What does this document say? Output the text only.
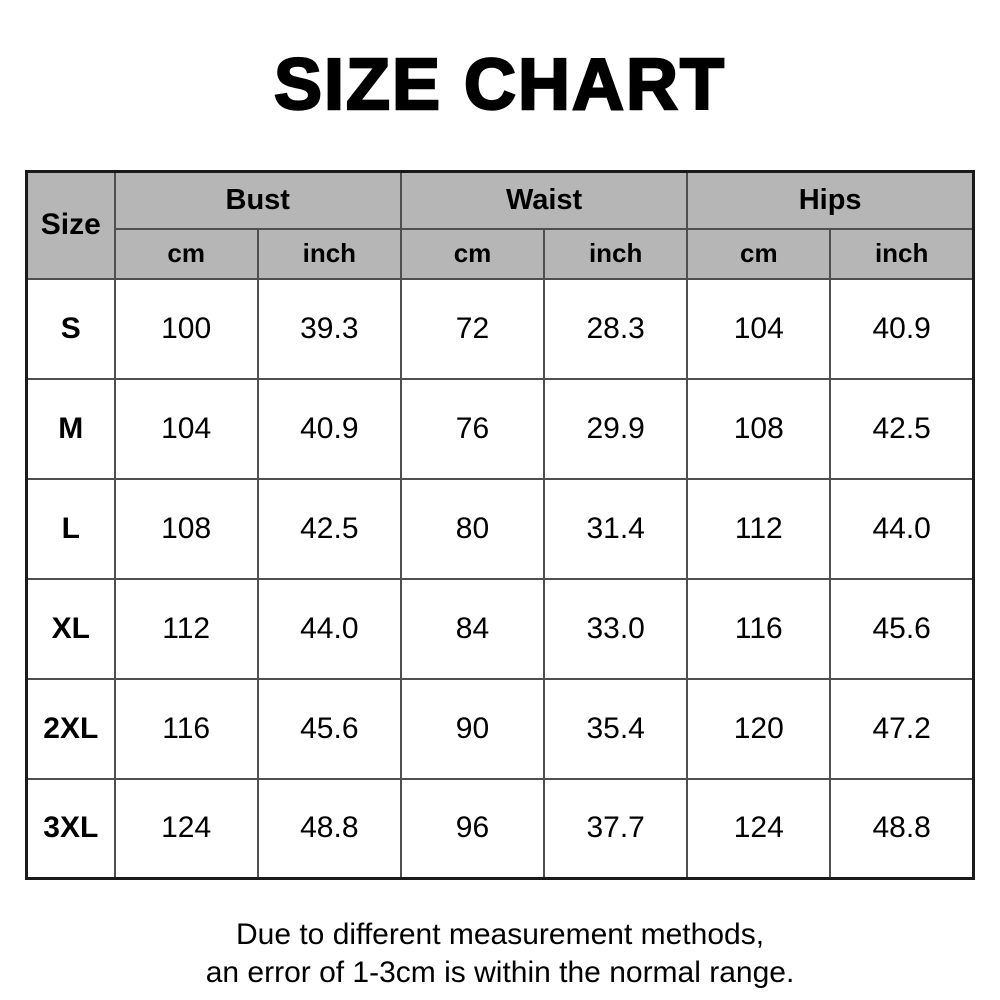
SIZE CHART
Size	Bust		Waist		Hips	
	cm	inch	cm	inch	cm	inch
S	100	39.3	72	28.3	104	40.9
M	104	40.9	76	29.9	108	42.5
L	108	42.5	80	31.4	112	44.0
XL	112	44.0	84	33.0	116	45.6
2XL	116	45.6	90	35.4	120	47.2
3XL	124	48.8	96	37.7	124	48.8

Due to different measurement methods,
an error of 1-3cm is within the normal range.
